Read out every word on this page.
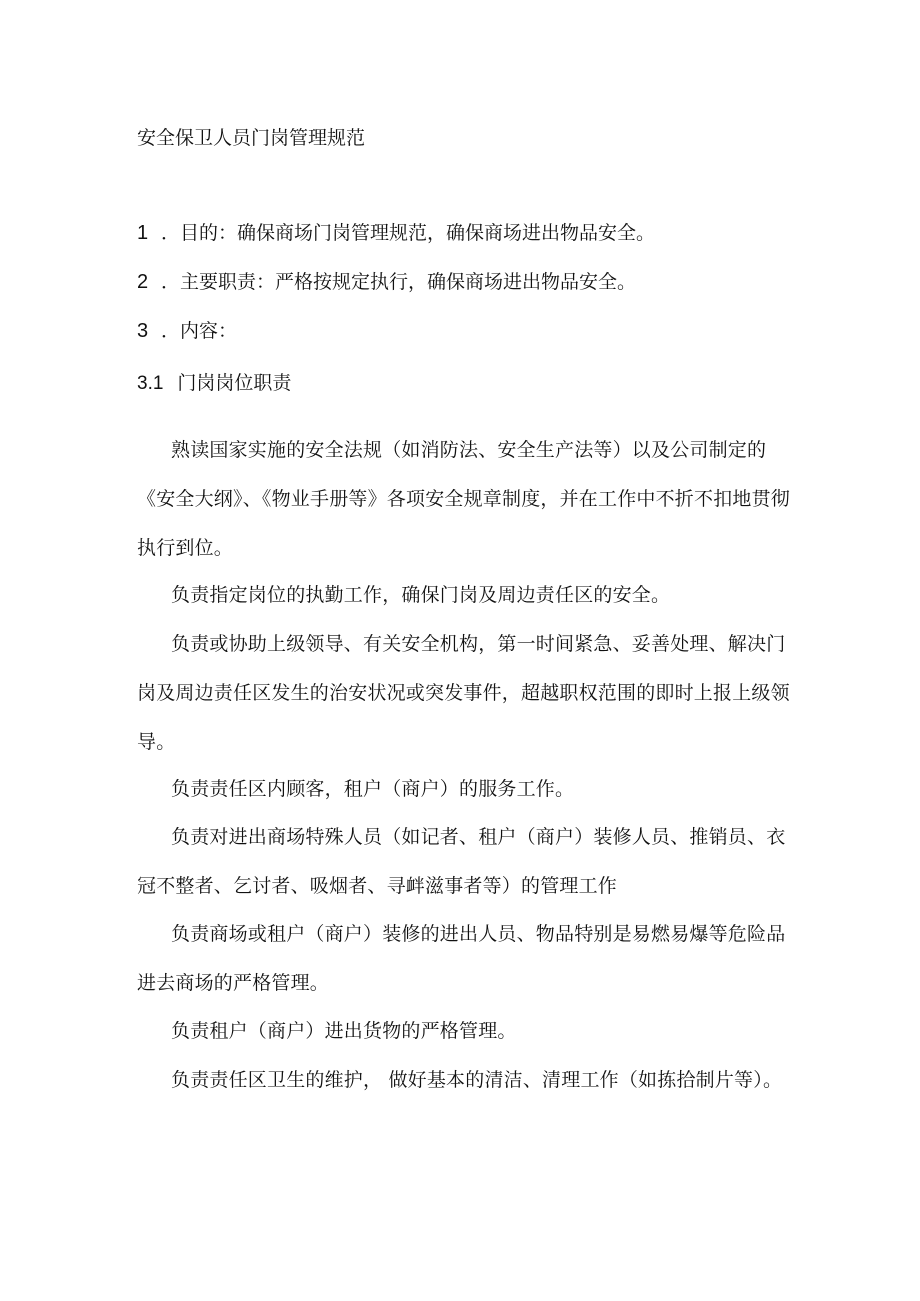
安全保卫人员门岗管理规范
1 ．目的：确保商场门岗管理规范，确保商场进出物品安全。
2 ．主要职责：严格按规定执行，确保商场进出物品安全。
3 ．内容：
3.1 门岗岗位职责

熟读国家实施的安全法规（如消防法、安全生产法等）以及公司制定的《安全大纲》、《物业手册等》各项安全规章制度，并在工作中不折不扣地贯彻执行到位。

负责指定岗位的执勤工作，确保门岗及周边责任区的安全。

负责或协助上级领导、有关安全机构，第一时间紧急、妥善处理、解决门岗及周边责任区发生的治安状况或突发事件，超越职权范围的即时上报上级领导。

负责责任区内顾客，租户（商户）的服务工作。

负责对进出商场特殊人员（如记者、租户（商户）装修人员、推销员、衣冠不整者、乞讨者、吸烟者、寻衅滋事者等）的管理工作

负责商场或租户（商户）装修的进出人员、物品特别是易燃易爆等危险品进去商场的严格管理。

负责租户（商户）进出货物的严格管理。

负责责任区卫生的维护， 做好基本的清洁、清理工作（如拣拾制片等）。
